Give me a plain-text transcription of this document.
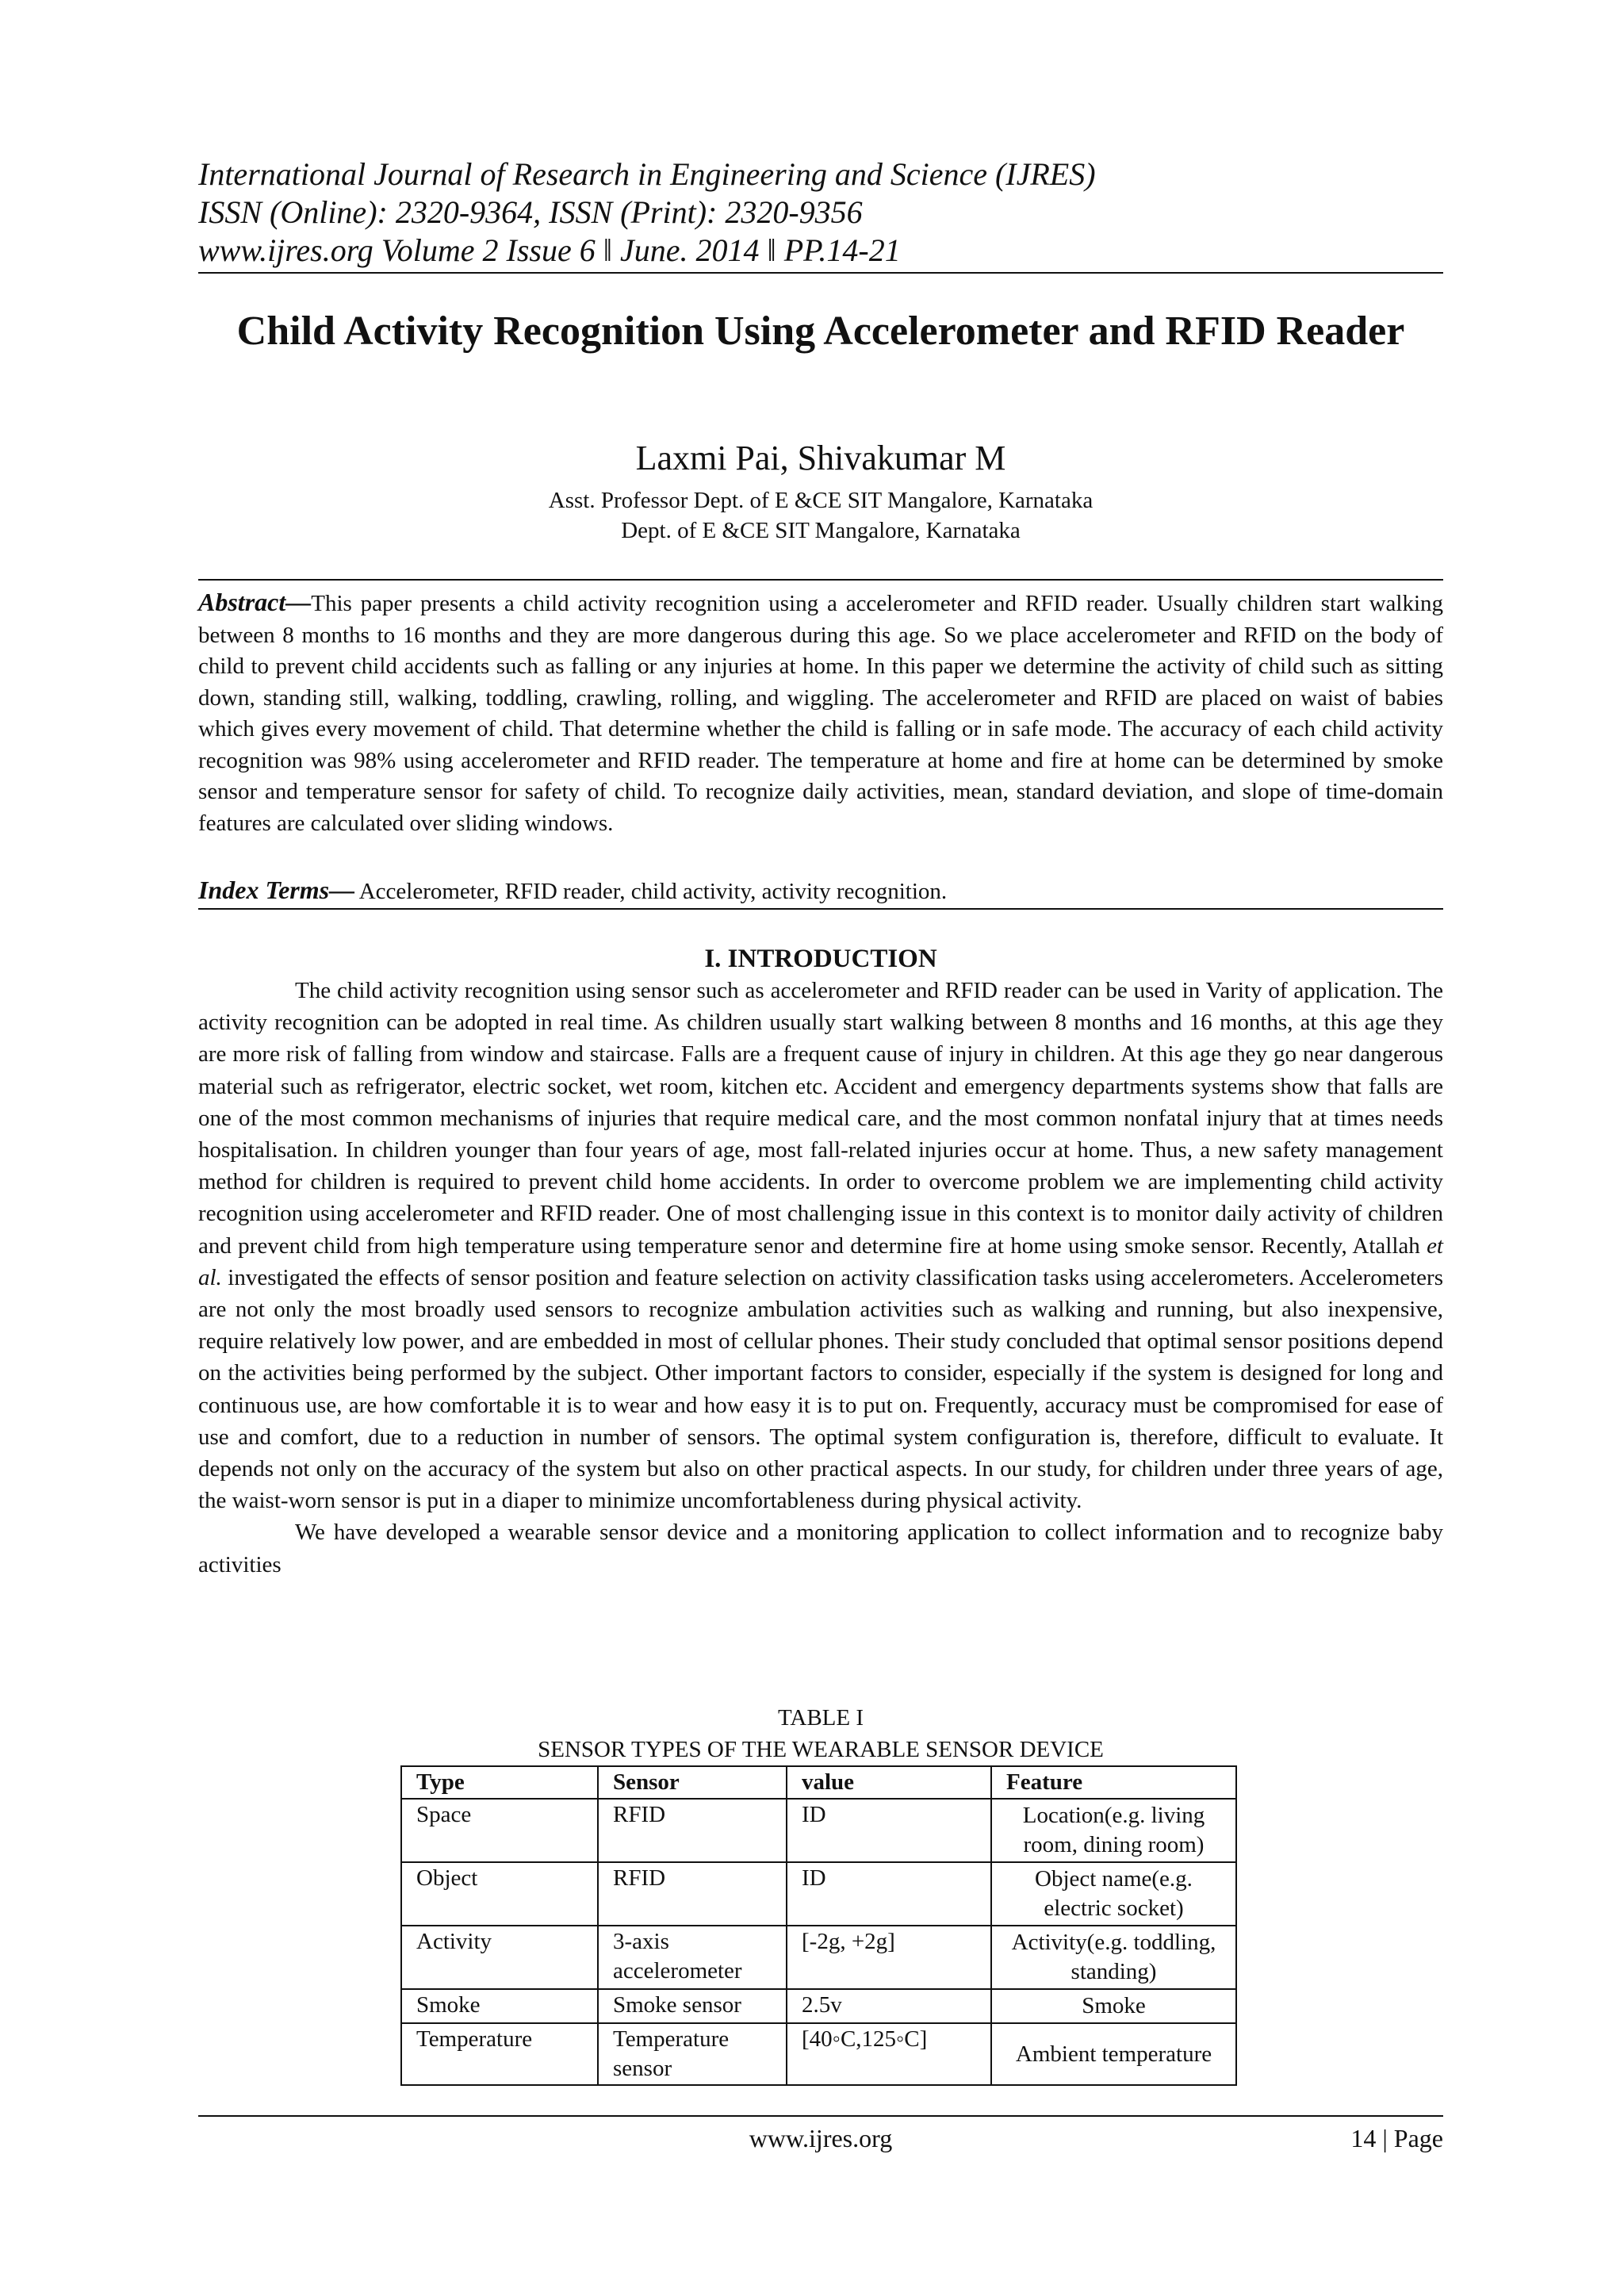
International Journal of Research in Engineering and Science (IJRES)
ISSN (Online): 2320-9364, ISSN (Print): 2320-9356
www.ijres.org Volume 2 Issue 6 ǁ June. 2014 ǁ PP.14-21
Child Activity Recognition Using Accelerometer and RFID Reader
Laxmi Pai, Shivakumar M
Asst. Professor Dept. of E &CE SIT Mangalore, Karnataka
Dept. of E &CE SIT Mangalore, Karnataka
Abstract—This paper presents a child activity recognition using a accelerometer and RFID reader. Usually children start walking between 8 months to 16 months and they are more dangerous during this age. So we place accelerometer and RFID on the body of child to prevent child accidents such as falling or any injuries at home. In this paper we determine the activity of child such as sitting down, standing still, walking, toddling, crawling, rolling, and wiggling. The accelerometer and RFID are placed on waist of babies which gives every movement of child. That determine whether the child is falling or in safe mode. The accuracy of each child activity recognition was 98% using accelerometer and RFID reader. The temperature at home and fire at home can be determined by smoke sensor and temperature sensor for safety of child. To recognize daily activities, mean, standard deviation, and slope of time-domain features are calculated over sliding windows.
Index Terms— Accelerometer, RFID reader, child activity, activity recognition.
I. INTRODUCTION

The child activity recognition using sensor such as accelerometer and RFID reader can be used in Varity of application. The activity recognition can be adopted in real time. As children usually start walking between 8 months and 16 months, at this age they are more risk of falling from window and staircase. Falls are a frequent cause of injury in children. At this age they go near dangerous material such as refrigerator, electric socket, wet room, kitchen etc. Accident and emergency departments systems show that falls are one of the most common mechanisms of injuries that require medical care, and the most common nonfatal injury that at times needs hospitalisation. In children younger than four years of age, most fall-related injuries occur at home. Thus, a new safety management method for children is required to prevent child home accidents. In order to overcome problem we are implementing child activity recognition using accelerometer and RFID reader. One of most challenging issue in this context is to monitor daily activity of children and prevent child from high temperature using temperature senor and determine fire at home using smoke sensor. Recently, Atallah et al. investigated the effects of sensor position and feature selection on activity classification tasks using accelerometers. Accelerometers are not only the most broadly used sensors to recognize ambulation activities such as walking and running, but also inexpensive, require relatively low power, and are embedded in most of cellular phones. Their study concluded that optimal sensor positions depend on the activities being performed by the subject. Other important factors to consider, especially if the system is designed for long and continuous use, are how comfortable it is to wear and how easy it is to put on. Frequently, accuracy must be compromised for ease of use and comfort, due to a reduction in number of sensors. The optimal system configuration is, therefore, difficult to evaluate. It depends not only on the accuracy of the system but also on other practical aspects. In our study, for children under three years of age, the waist-worn sensor is put in a diaper to minimize uncomfortableness during physical activity.

We have developed a wearable sensor device and a monitoring application to collect information and to recognize baby activities

TABLE I
SENSOR TYPES OF THE WEARABLE SENSOR DEVICE
Type	Sensor	value	Feature
Space	RFID	ID	Location(e.g. living room, dining room)
Object	RFID	ID	Object name(e.g. electric socket)
Activity	3-axis accelerometer	[-2g, +2g]	Activity(e.g. toddling, standing)
Smoke	Smoke sensor	2.5v	Smoke
Temperature	Temperature sensor	[40◦C,125◦C]	Ambient temperature
www.ijres.org	14 | Page
